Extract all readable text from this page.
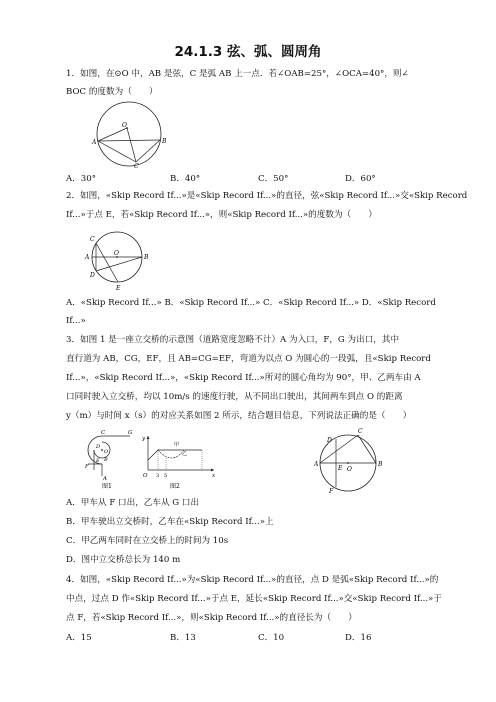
24.1.3 弦、弧、圆周角
1．如图，在⊙O 中，AB 是弦，C 是弧 AB 上一点．若∠OAB=25°，∠OCA=40°，则∠
BOC 的度数为（　　）
O
A	B
C
A．30°	B．40°	C．50°	D．60°
2．如图，«Skip Record If...»是«Skip Record If...»的直径，弦«Skip Record If...»交«Skip Record
If...»于点 E，若«Skip Record If...»，则«Skip Record If...»的度数为（　　）
C
A
O
B
D
E
A．«Skip Record If...» B．«Skip Record If...» C．«Skip Record If...» D．«Skip Record
If...»
3．如图 1 是一座立交桥的示意图（道路宽度忽略不计）A 为入口，F，G 为出口，其中
直行道为 AB，CG，EF，且 AB=CG=EF，弯道为以点 O 为圆心的一段弧，且«Skip Record
If...»，«Skip Record If...»，«Skip Record If...»所对的圆心角均为 90°，甲、乙两车由 A
口同时驶入立交桥，均以 10m/s 的速度行驶，从不同出口驶出，其间两车到点 O 的距离
y（m）与时间 x（s）的对应关系如图 2 所示，结合题目信息，下列说法正确的是（　　）
C	G
D
O
B
E
F
A
图1
y
甲
乙
x
O 3 5
图2
C
D
A
E O
B
F
A．甲车从 F 口出，乙车从 G 口出
B．甲车驶出立交桥时，乙车在«Skip Record If...»上
C．甲乙两车同时在立交桥上的时间为 10s
D．图中立交桥总长为 140 m
4．如图，«Skip Record If...»为«Skip Record If...»的直径，点 D 是弧«Skip Record If...»的
中点，过点 D 作«Skip Record If...»于点 E，延长«Skip Record If...»交«Skip Record If...»于
点 F，若«Skip Record If...»，则«Skip Record If...»的直径长为（　　）
A．15	B．13	C．10	D．16
